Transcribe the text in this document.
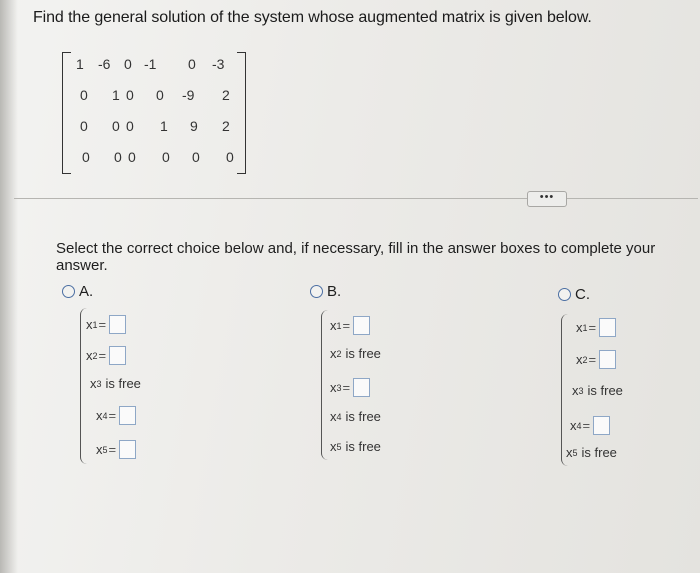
Find the general solution of the system whose augmented matrix is given below.
1 -6 0 -1 0 -3
0 1 0 0 -9 2
0 0 0 1 9 2
0 0 0 0 0 0
•••
Select the correct choice below and, if necessary, fill in the answer boxes to complete your answer.
A.
x 1 =
x 2 =
x 3 is free
x 4 =
x 5 =
B.
x 1 =
x 2 is free
x 3 =
x 4 is free
x 5 is free
C.
x 1 =
x 2 =
x 3 is free
x 4 =
x 5 is free
